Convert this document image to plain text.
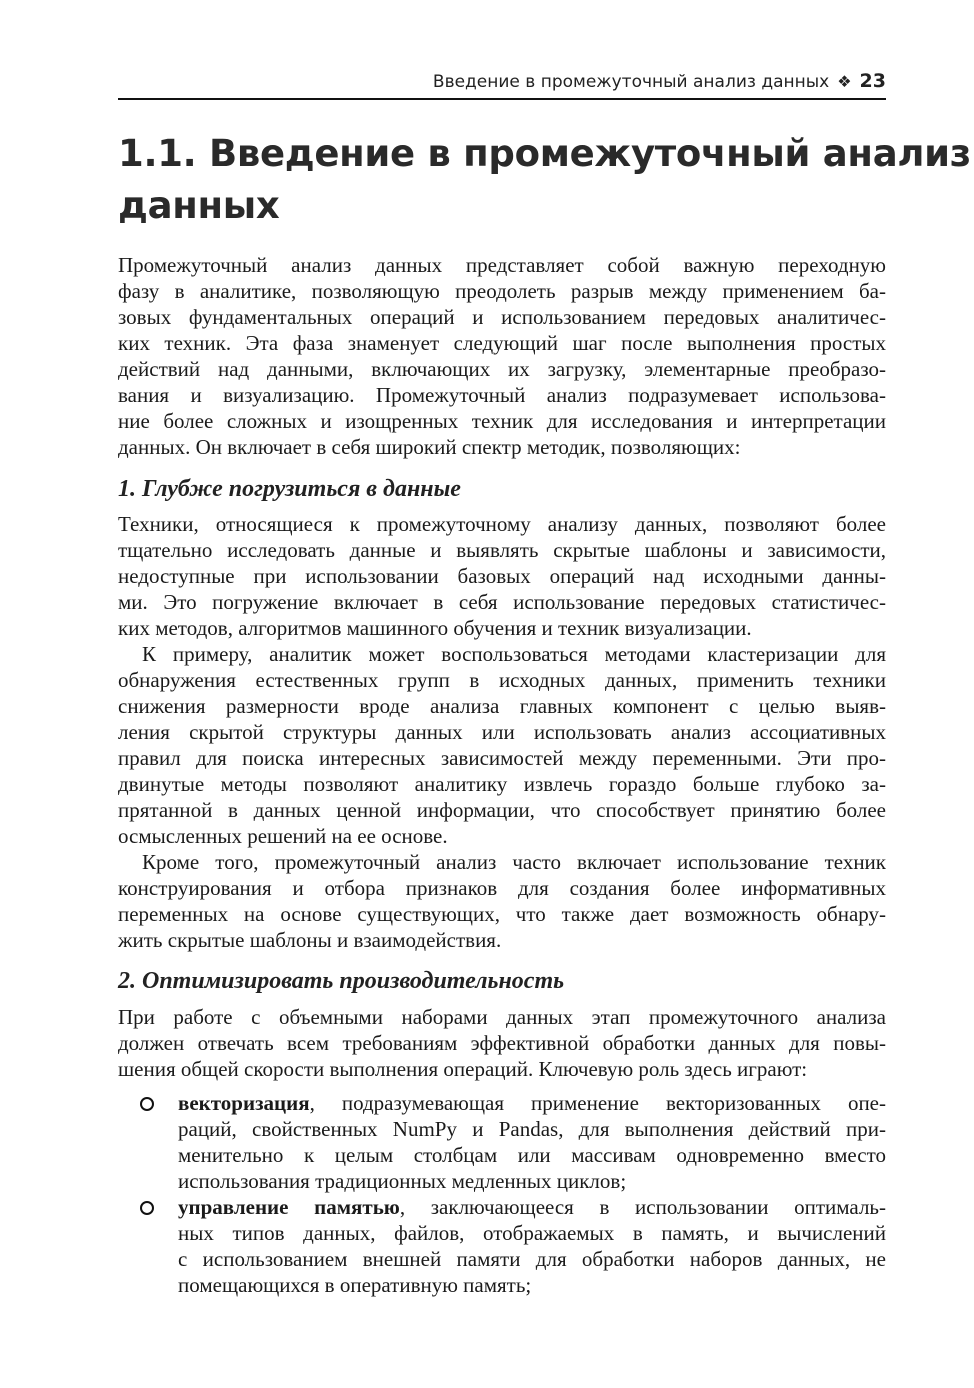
Введение в промежуточный анализ данных ❖ 23
1.1. Введение в промежуточный анализ
данных
Промежуточный анализ данных представляет собой важную переходную
фазу в аналитике, позволяющую преодолеть разрыв между применением ба-
зовых фундаментальных операций и использованием передовых аналитичес-
ких техник. Эта фаза знаменует следующий шаг после выполнения простых
действий над данными, включающих их загрузку, элементарные преобразо-
вания и визуализацию. Промежуточный анализ подразумевает использова-
ние более сложных и изощренных техник для исследования и интерпретации
данных. Он включает в себя широкий спектр методик, позволяющих:
1. Глубже погрузиться в данные
Техники, относящиеся к промежуточному анализу данных, позволяют более
тщательно исследовать данные и выявлять скрытые шаблоны и зависимости,
недоступные при использовании базовых операций над исходными данны-
ми. Это погружение включает в себя использование передовых статистичес-
ких методов, алгоритмов машинного обучения и техник визуализации.
К примеру, аналитик может воспользоваться методами кластеризации для
обнаружения естественных групп в исходных данных, применить техники
снижения размерности вроде анализа главных компонент с целью выяв-
ления скрытой структуры данных или использовать анализ ассоциативных
правил для поиска интересных зависимостей между переменными. Эти про-
двинутые методы позволяют аналитику извлечь гораздо больше глубоко за-
прятанной в данных ценной информации, что способствует принятию более
осмысленных решений на ее основе.
Кроме того, промежуточный анализ часто включает использование техник
конструирования и отбора признаков для создания более информативных
переменных на основе существующих, что также дает возможность обнару-
жить скрытые шаблоны и взаимодействия.
2. Оптимизировать производительность
При работе с объемными наборами данных этап промежуточного анализа
должен отвечать всем требованиям эффективной обработки данных для повы-
шения общей скорости выполнения операций. Ключевую роль здесь играют:
векторизация, подразумевающая применение векторизованных опе-
раций, свойственных NumPy и Pandas, для выполнения действий при-
менительно к целым столбцам или массивам одновременно вместо
использования традиционных медленных циклов;
управление памятью, заключающееся в использовании оптималь-
ных типов данных, файлов, отображаемых в память, и вычислений
с использованием внешней памяти для обработки наборов данных, не
помещающихся в оперативную память;
